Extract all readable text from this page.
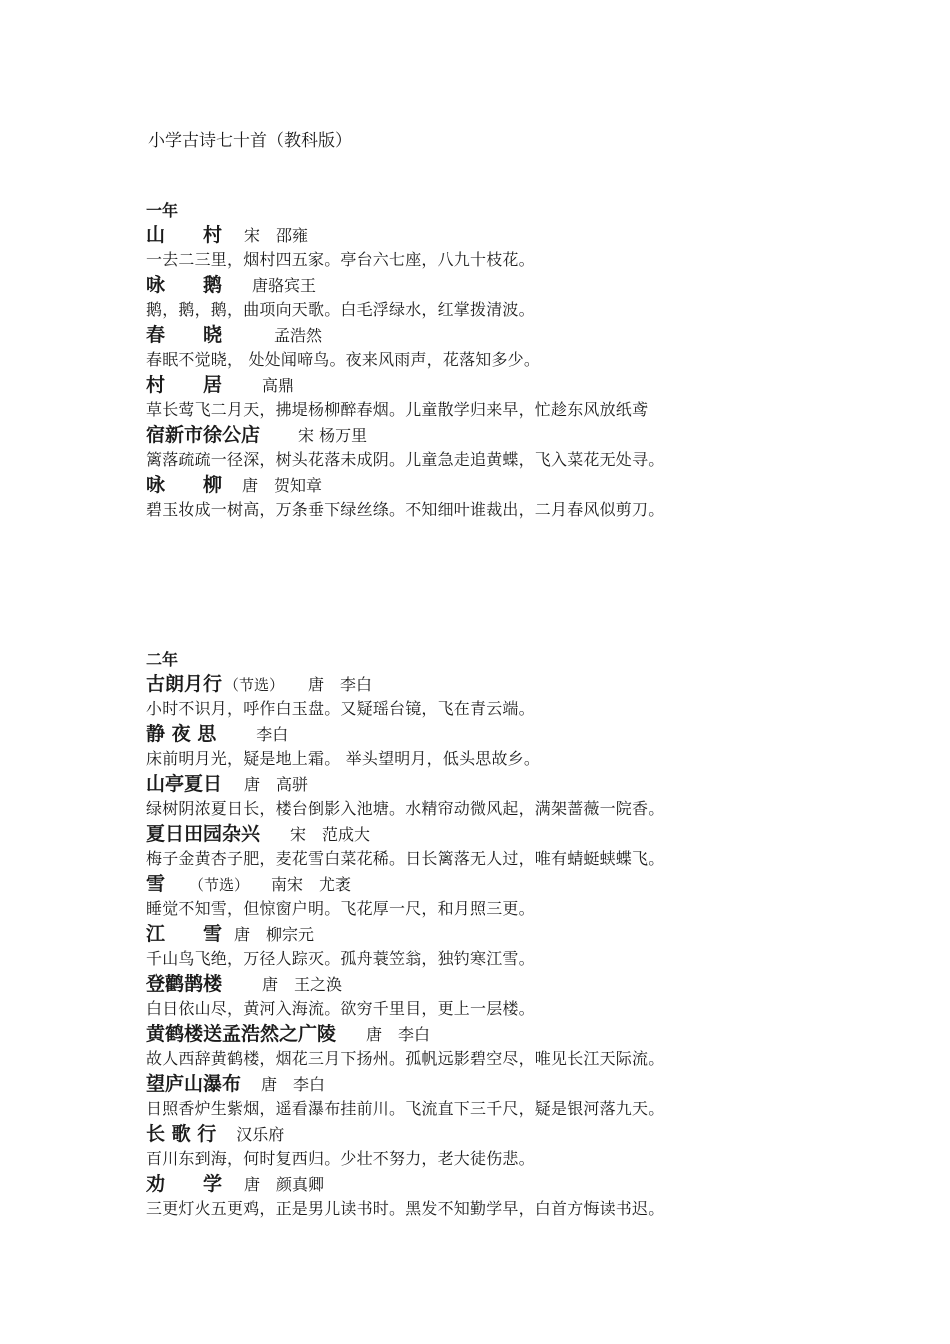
小学古诗七十首（教科版）
一年
山　　村 宋　邵雍
一去二三里，烟村四五家。亭台六七座，八九十枝花。
咏　　鹅 唐骆宾王
鹅，鹅，鹅，曲项向天歌。白毛浮绿水，红掌拨清波。
春　　晓	孟浩然
春眠不觉晓， 处处闻啼鸟。夜来风雨声，花落知多少。
村　　居	高鼎
草长莺飞二月天，拂堤杨柳醉春烟。儿童散学归来早，忙趁东风放纸鸢
宿新市徐公店 宋 杨万里
篱落疏疏一径深，树头花落未成阴。儿童急走追黄蝶，飞入菜花无处寻。
咏　　柳 唐　贺知章
碧玉妆成一树高，万条垂下绿丝绦。不知细叶谁裁出，二月春风似剪刀。
二年
古朗月行 （节选） 唐　李白
小时不识月，呼作白玉盘。又疑瑶台镜，飞在青云端。
静 夜 思	李白
床前明月光，疑是地上霜。 举头望明月，低头思故乡。
山亭夏日 唐　高骈
绿树阴浓夏日长，楼台倒影入池塘。水精帘动微风起，满架蔷薇一院香。
夏日田园杂兴 宋　范成大
梅子金黄杏子肥，麦花雪白菜花稀。日长篱落无人过，唯有蜻蜓蛱蝶飞。
雪 （节选） 南宋　尤袤
睡觉不知雪，但惊窗户明。飞花厚一尺，和月照三更。
江　　雪 唐　柳宗元
千山鸟飞绝，万径人踪灭。孤舟蓑笠翁，独钓寒江雪。
登鹳鹊楼	唐　王之涣
白日依山尽，黄河入海流。欲穷千里目，更上一层楼。
黄鹤楼送孟浩然之广陵 唐　李白
故人西辞黄鹤楼，烟花三月下扬州。孤帆远影碧空尽，唯见长江天际流。
望庐山瀑布 唐　李白
日照香炉生紫烟，遥看瀑布挂前川。飞流直下三千尺，疑是银河落九天。
长 歌 行 汉乐府
百川东到海，何时复西归。少壮不努力，老大徒伤悲。
劝　　学 唐　颜真卿
三更灯火五更鸡，正是男儿读书时。黑发不知勤学早，白首方悔读书迟。
